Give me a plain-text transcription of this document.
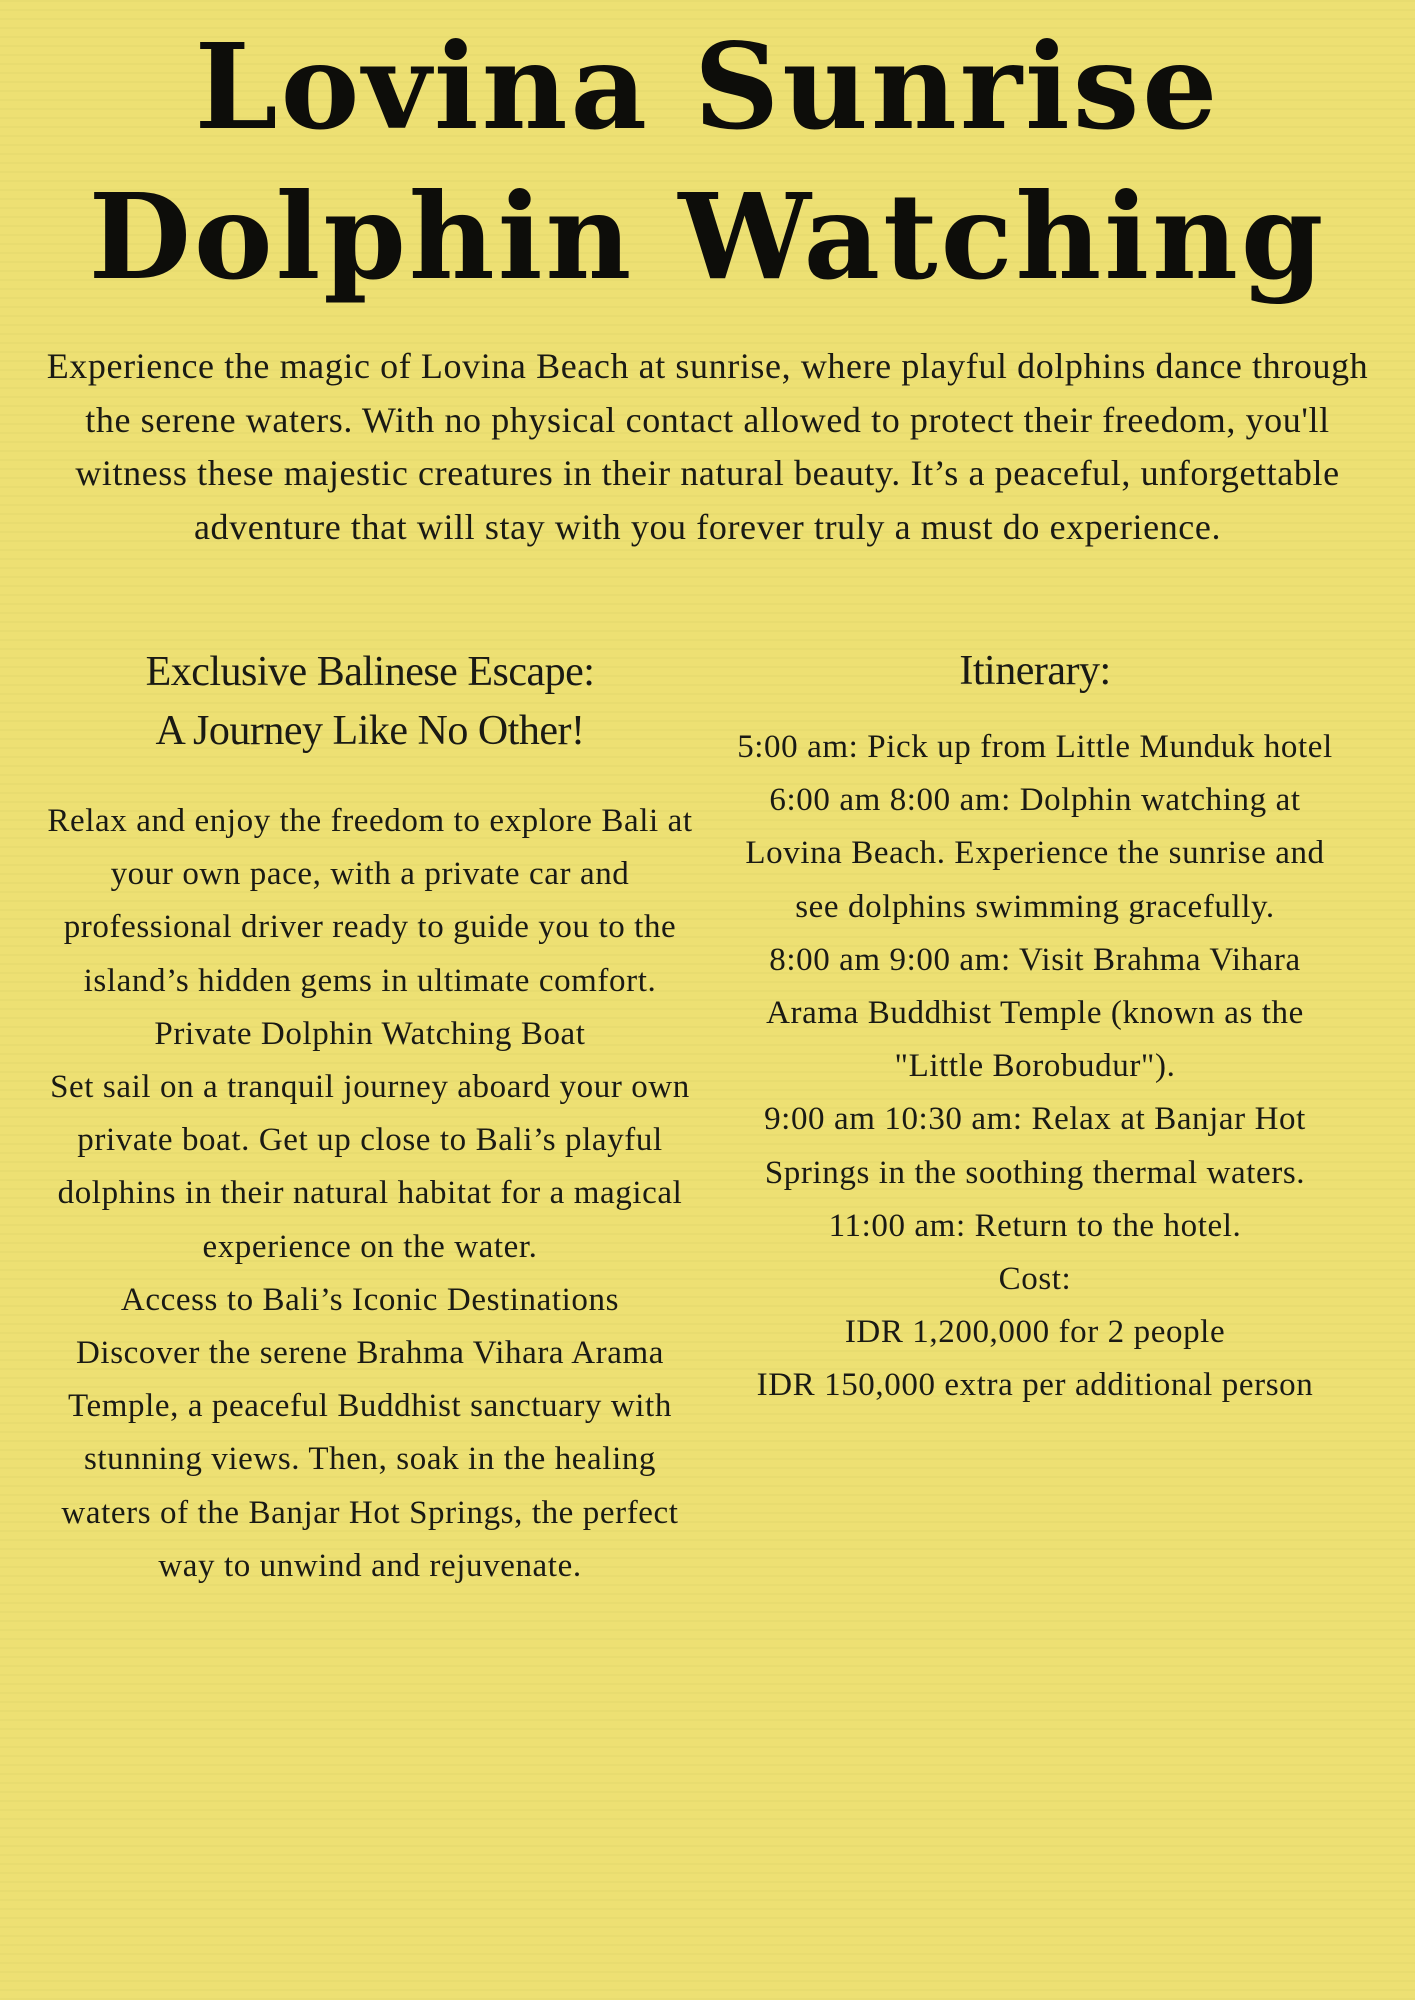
Lovina Sunrise
Dolphin Watching

Experience the magic of Lovina Beach at sunrise, where playful dolphins dance through the serene waters. With no physical contact allowed to protect their freedom, you'll witness these majestic creatures in their natural beauty. It’s a peaceful, unforgettable adventure that will stay with you forever truly a must do experience.

Exclusive Balinese Escape:
A Journey Like No Other!

Relax and enjoy the freedom to explore Bali at your own pace, with a private car and professional driver ready to guide you to the island’s hidden gems in ultimate comfort.

Private Dolphin Watching Boat

Set sail on a tranquil journey aboard your own private boat. Get up close to Bali’s playful dolphins in their natural habitat for a magical experience on the water.

Access to Bali’s Iconic Destinations

Discover the serene Brahma Vihara Arama Temple, a peaceful Buddhist sanctuary with stunning views. Then, soak in the healing waters of the Banjar Hot Springs, the perfect way to unwind and rejuvenate.

Itinerary:

5:00 am: Pick up from Little Munduk hotel

6:00 am 8:00 am: Dolphin watching at Lovina Beach. Experience the sunrise and see dolphins swimming gracefully.

8:00 am 9:00 am: Visit Brahma Vihara Arama Buddhist Temple (known as the "Little Borobudur").

9:00 am 10:30 am: Relax at Banjar Hot Springs in the soothing thermal waters.

11:00 am: Return to the hotel.

Cost:

IDR 1,200,000 for 2 people

IDR 150,000 extra per additional person
